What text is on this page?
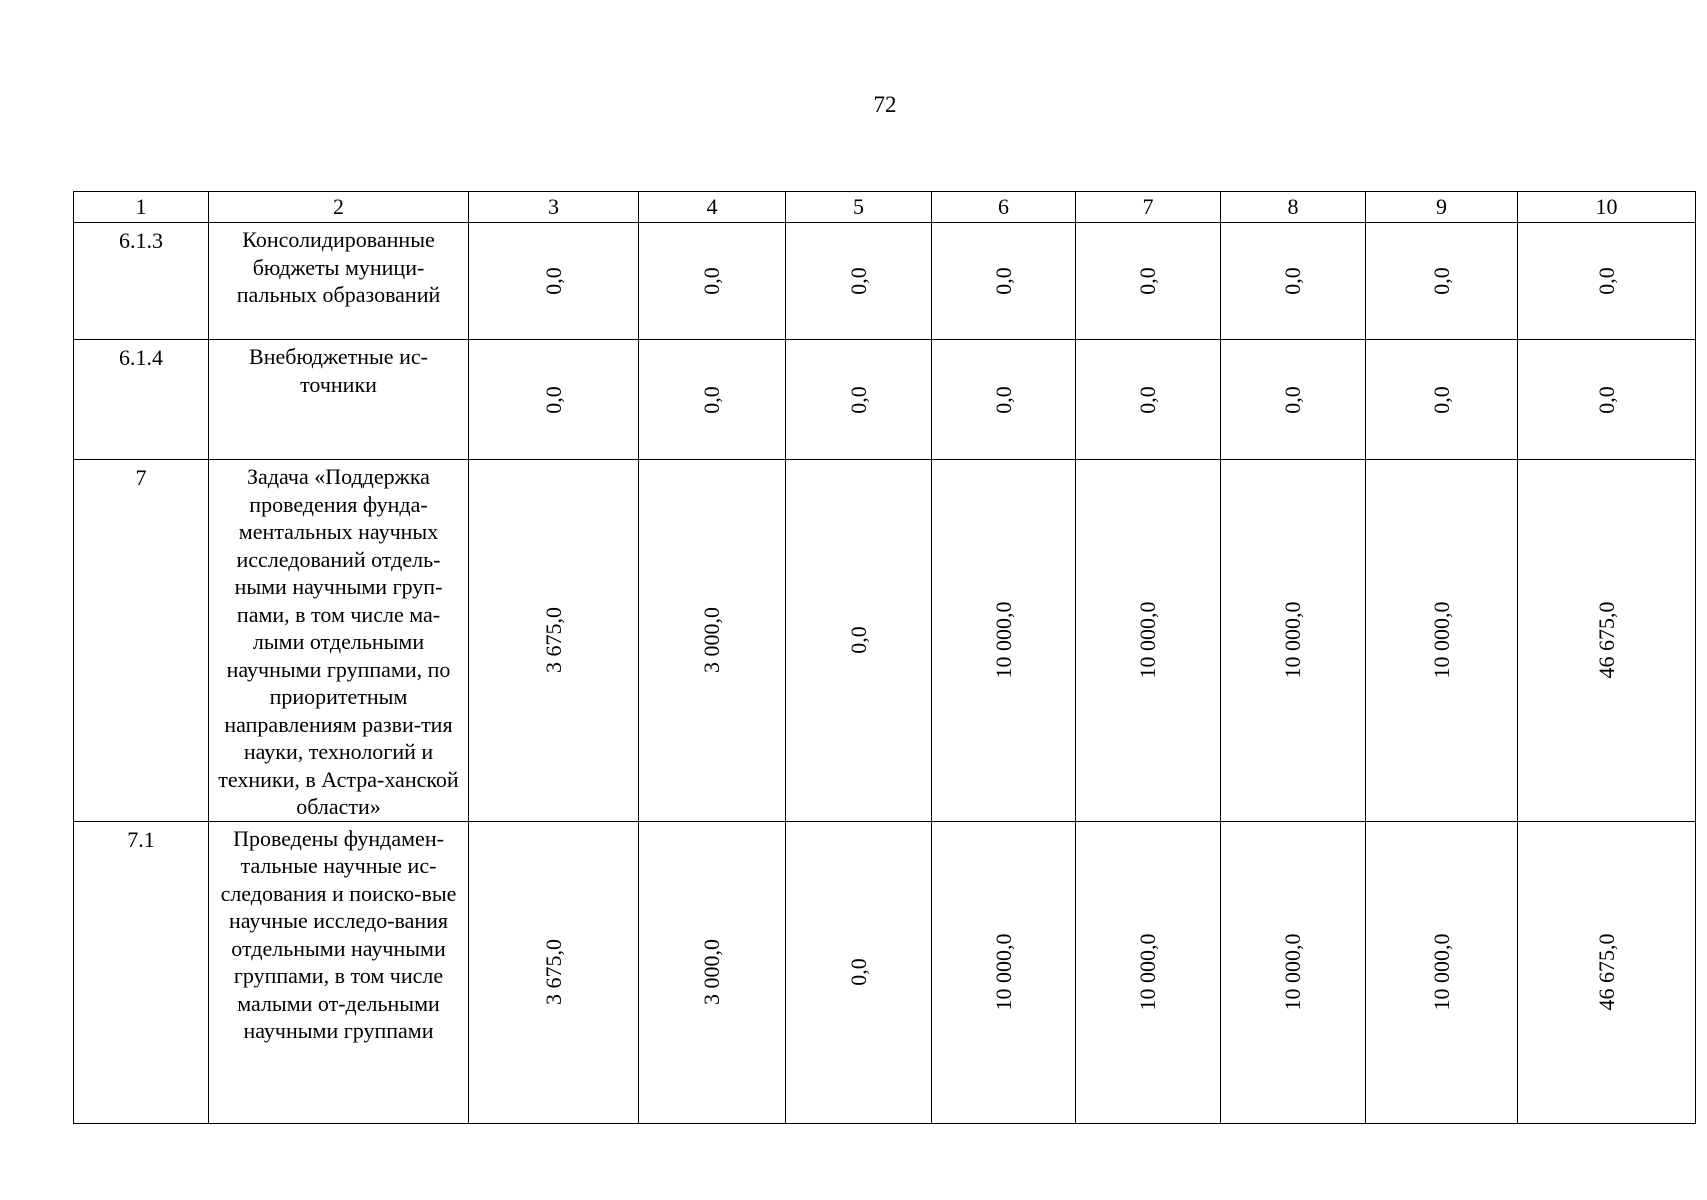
72
1	2	3	4	5	6	7	8	9	10
6.1.3	Консолидированные бюджеты муници-пальных образований	0,0	0,0	0,0	0,0	0,0	0,0	0,0	0,0

6.1.4	Внебюджетные ис-точники	0,0	0,0	0,0	0,0	0,0	0,0	0,0	0,0

7	Задача «Поддержка проведения фунда-ментальных научных исследований отдель-ными научными груп-пами, в том числе ма-лыми отдельными научными группами, по приоритетным направлениям разви-тия науки, технологий и техники, в Астра-ханской области»	3 675,0	3 000,0	0,0	10 000,0	10 000,0	10 000,0	10 000,0	46 675,0

7.1	Проведены фундамен-тальные научные ис-следования и поиско-вые научные исследо-вания отдельными научными группами, в том числе малыми от-дельными научными группами	3 675,0	3 000,0	0,0	10 000,0	10 000,0	10 000,0	10 000,0	46 675,0
